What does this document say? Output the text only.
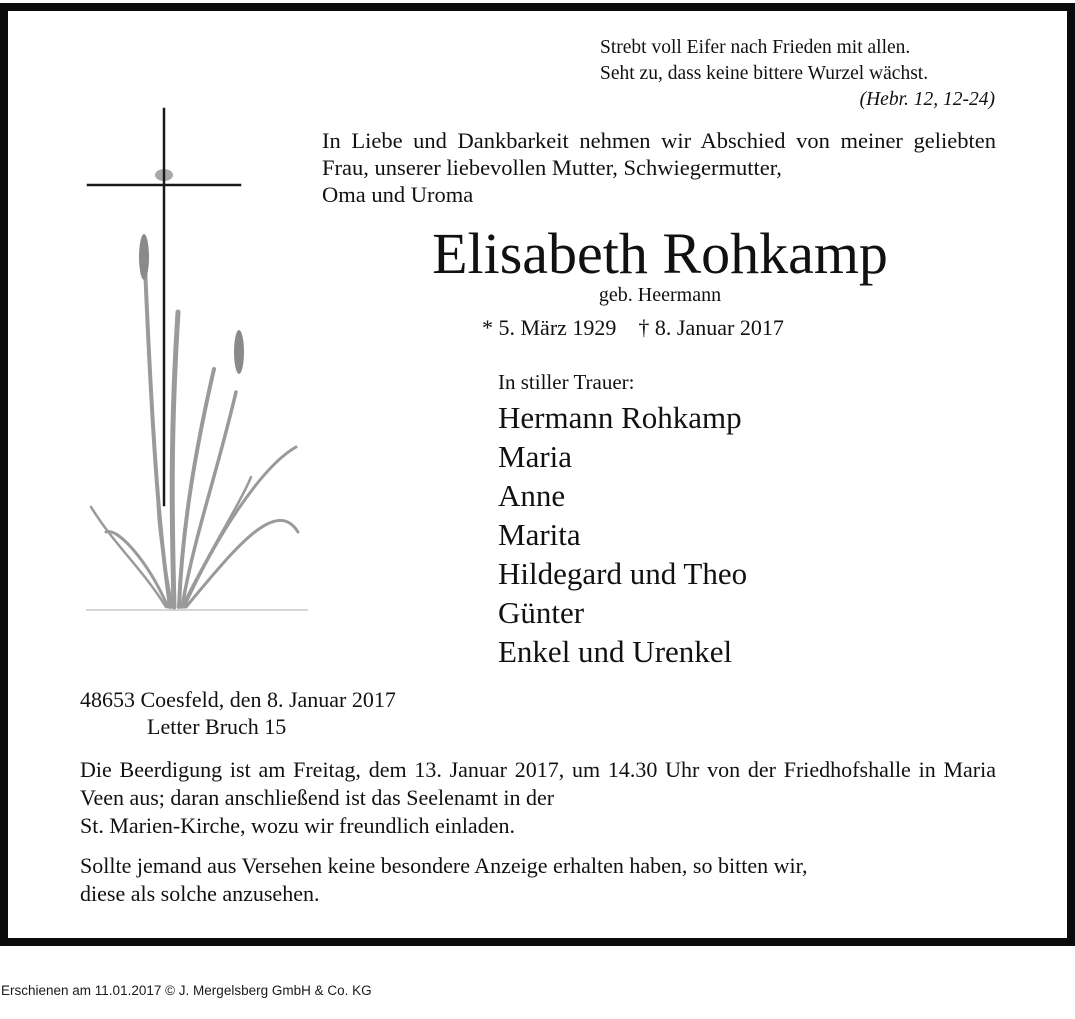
Strebt voll Eifer nach Frieden mit allen.
Seht zu, dass keine bittere Wurzel wächst.
(Hebr. 12, 12-24)
In Liebe und Dankbarkeit nehmen wir Abschied von meiner geliebten Frau, unserer liebevollen Mutter, Schwiegermutter,
Oma und Uroma
Elisabeth Rohkamp
geb. Heermann
* 5. März 1929 † 8. Januar 2017
In stiller Trauer:
Hermann Rohkamp
Maria
Anne
Marita
Hildegard und Theo
Günter
Enkel und Urenkel
48653 Coesfeld, den 8. Januar 2017
Letter Bruch 15
Die Beerdigung ist am Freitag, dem 13. Januar 2017, um 14.30 Uhr von der Friedhofshalle in Maria Veen aus; daran anschließend ist das Seelenamt in der
St. Marien-Kirche, wozu wir freundlich einladen.
Sollte jemand aus Versehen keine besondere Anzeige erhalten haben, so bitten wir,
diese als solche anzusehen.
Erschienen am 11.01.2017 © J. Mergelsberg GmbH & Co. KG
